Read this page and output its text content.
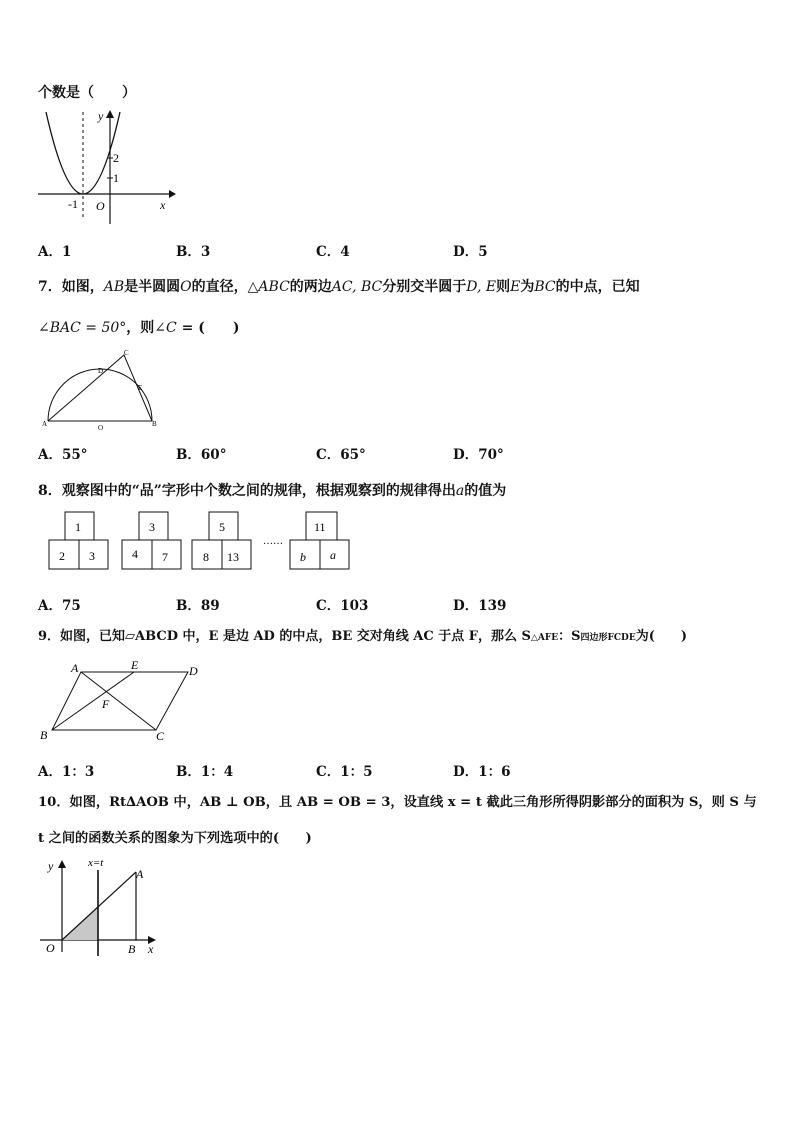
个数是（　　）
y
x
O
-1
2
1
A．1	B．3	C．4	D．5
7．如图，AB是半圆圆O的直径，△ABC的两边AC, BC分别交半圆于D, E则E为BC的中点，已知
∠BAC = 50°，则∠C = (　　)
A	B
C
D
E
O
A．55°	B．60°	C．65°	D．70°
8．观察图中的“品”字形中个数之间的规律，根据观察到的规律得出a的值为
1
2 3
3
4 7
5
8 13
……
11
b a
A．75	B．89	C．103	D．139
9．如图，已知▱ABCD 中，E 是边 AD 的中点，BE 交对角线 AC 于点 F，那么 S△AFE：S四边形FCDE为(　　)
A	E	D
F
B	C
A．1：3	B．1：4	C．1：5	D．1：6
10．如图，Rt∆AOB 中，AB ⊥ OB，且 AB = OB = 3，设直线 x = t 截此三角形所得阴影部分的面积为 S，则 S 与
t 之间的函数关系的图象为下列选项中的(　　)
y
x
O	B
A
x=t
